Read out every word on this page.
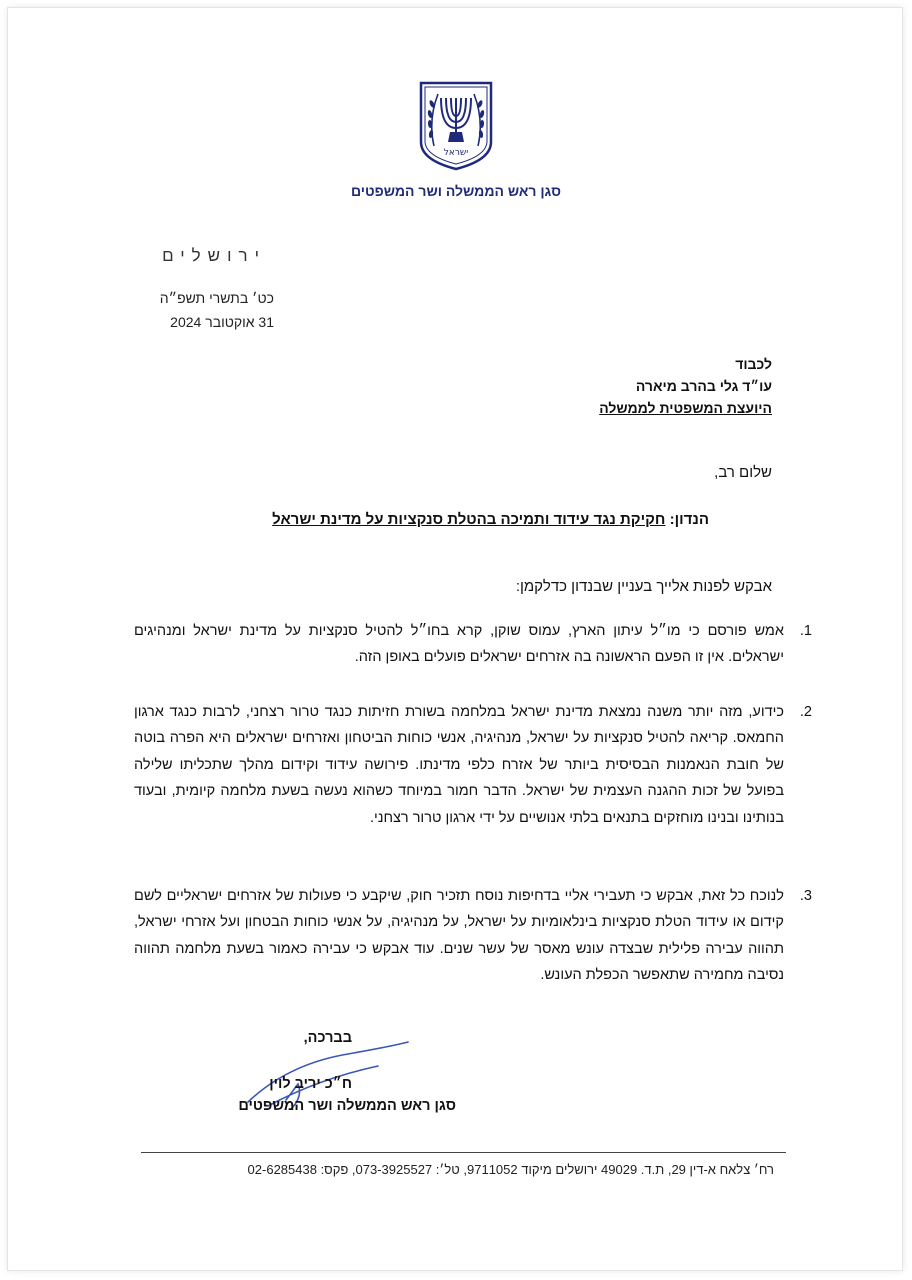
ישראל
סגן ראש הממשלה ושר המשפטים
ירושלים
כט׳ בתשרי תשפ״ה
31 אוקטובר 2024
לכבוד
עו״ד גלי בהרב מיארה
היועצת המשפטית לממשלה
שלום רב,
הנדון: חקיקת נגד עידוד ותמיכה בהטלת סנקציות על מדינת ישראל
אבקש לפנות אלייך בעניין שבנדון כדלקמן:
1.
אמש פורסם כי מו״ל עיתון הארץ, עמוס שוקן, קרא בחו״ל להטיל סנקציות על מדינת ישראל ומנהיגים ישראלים. אין זו הפעם הראשונה בה אזרחים ישראלים פועלים באופן הזה.
2.
כידוע, מזה יותר משנה נמצאת מדינת ישראל במלחמה בשורת חזיתות כנגד טרור רצחני, לרבות כנגד ארגון החמאס. קריאה להטיל סנקציות על ישראל, מנהיגיה, אנשי כוחות הביטחון ואזרחים ישראלים היא הפרה בוטה של חובת הנאמנות הבסיסית ביותר של אזרח כלפי מדינתו. פירושה עידוד וקידום מהלך שתכליתו שלילה בפועל של זכות ההגנה העצמית של ישראל. הדבר חמור במיוחד כשהוא נעשה בשעת מלחמה קיומית, ובעוד בנותינו ובנינו מוחזקים בתנאים בלתי אנושיים על ידי ארגון טרור רצחני.
3.
לנוכח כל זאת, אבקש כי תעבירי אליי בדחיפות נוסח תזכיר חוק, שיקבע כי פעולות של אזרחים ישראליים לשם קידום או עידוד הטלת סנקציות בינלאומיות על ישראל, על מנהיגיה, על אנשי כוחות הבטחון ועל אזרחי ישראל, תהווה עבירה פלילית שבצדה עונש מאסר של עשר שנים. עוד אבקש כי עבירה כאמור בשעת מלחמה תהווה נסיבה מחמירה שתאפשר הכפלת העונש.
בברכה,
ח״כ יריב לוין
סגן ראש הממשלה ושר המשפטים
רח׳ צלאח א-דין 29, ת.ד. 49029 ירושלים מיקוד 9711052, טל׳: 073-3925527, פקס: 02-6285438
